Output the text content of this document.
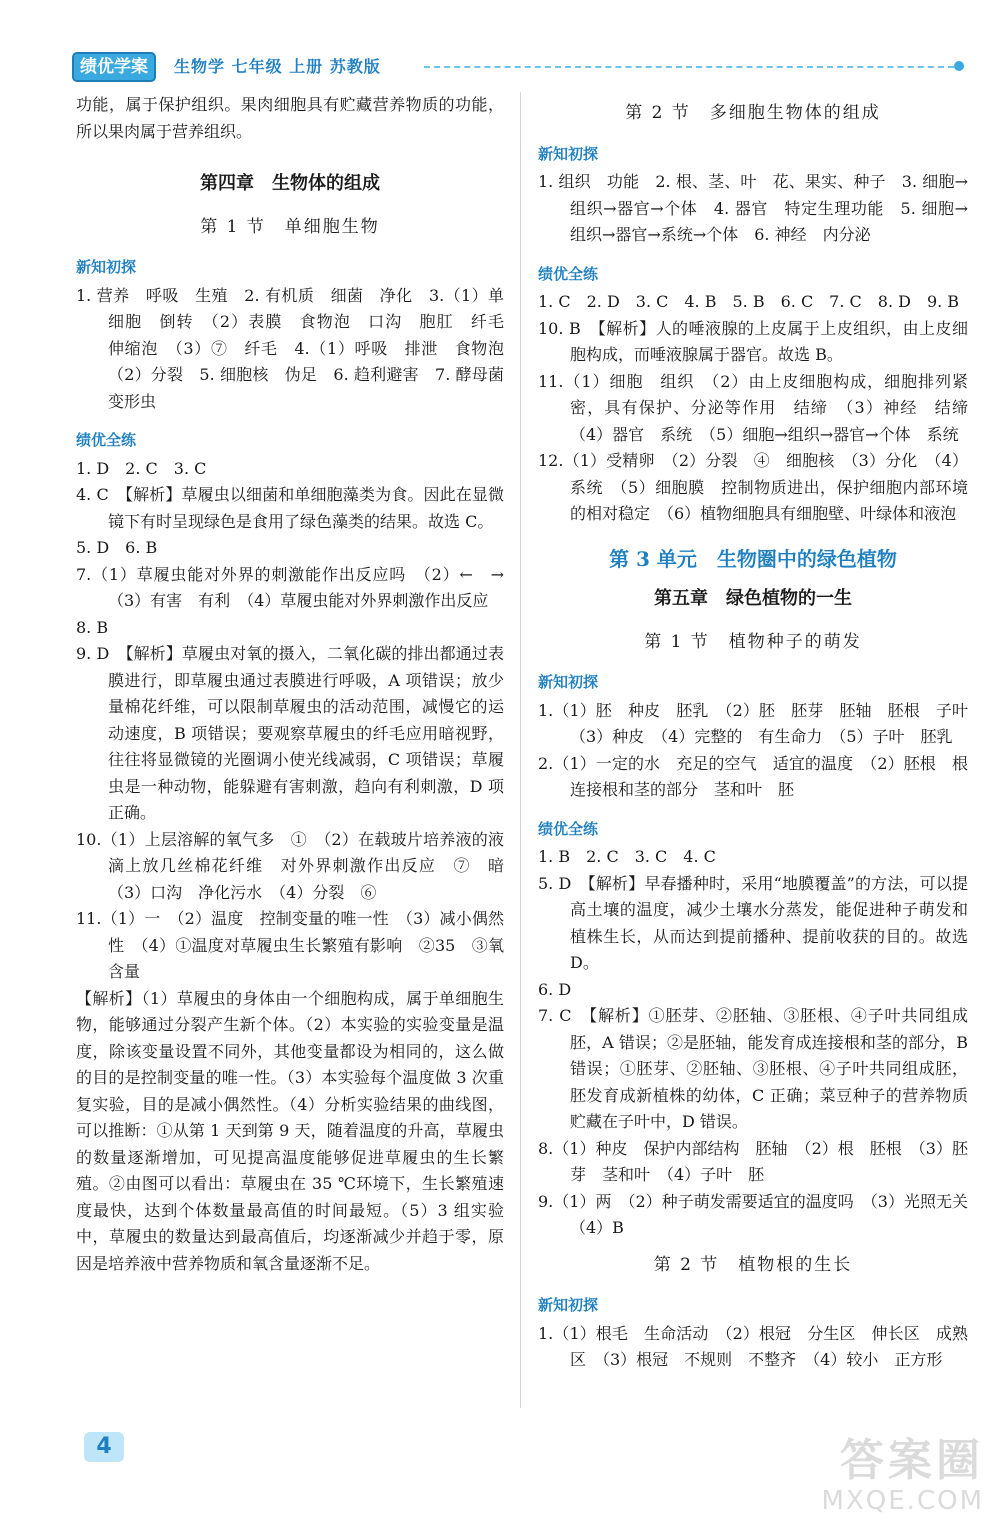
绩优学案	生物学 七年级 上册 苏教版

功能，属于保护组织。果肉细胞具有贮藏营养物质的功能，所以果肉属于营养组织。

第四章　生物体的组成
第 1 节　单细胞生物
新知初探

1. 营养　呼吸　生殖　2. 有机质　细菌　净化　3.（1）单细胞　倒转　（2）表膜　食物泡　口沟　胞肛　纤毛　伸缩泡　（3）⑦　纤毛　4.（1）呼吸　排泄　食物泡　（2）分裂　5. 细胞核　伪足　6. 趋利避害　7. 酵母菌　变形虫

绩优全练

1. D　2. C　3. C

4. C　【解析】草履虫以细菌和单细胞藻类为食。因此在显微镜下有时呈现绿色是食用了绿色藻类的结果。故选 C。

5. D　6. B

7.（1）草履虫能对外界的刺激能作出反应吗　（2）←　→　（3）有害　有利　（4）草履虫能对外界刺激作出反应

8. B

9. D　【解析】草履虫对氧的摄入，二氧化碳的排出都通过表膜进行，即草履虫通过表膜进行呼吸，A 项错误；放少量棉花纤维，可以限制草履虫的活动范围，减慢它的运动速度，B 项错误；要观察草履虫的纤毛应用暗视野，往往将显微镜的光圈调小使光线减弱，C 项错误；草履虫是一种动物，能躲避有害刺激，趋向有利刺激，D 项正确。

10.（1）上层溶解的氧气多　①　（2）在载玻片培养液的液滴上放几丝棉花纤维　对外界刺激作出反应　⑦　暗　（3）口沟　净化污水　（4）分裂　⑥

11.（1）一　（2）温度　控制变量的唯一性　（3）减小偶然性　（4）①温度对草履虫生长繁殖有影响　②35　③氧含量

【解析】（1）草履虫的身体由一个细胞构成，属于单细胞生物，能够通过分裂产生新个体。（2）本实验的实验变量是温度，除该变量设置不同外，其他变量都设为相同的，这么做的目的是控制变量的唯一性。（3）本实验每个温度做 3 次重复实验，目的是减小偶然性。（4）分析实验结果的曲线图，可以推断：①从第 1 天到第 9 天，随着温度的升高，草履虫的数量逐渐增加，可见提高温度能够促进草履虫的生长繁殖。②由图可以看出：草履虫在 35 ℃环境下，生长繁殖速度最快，达到个体数量最高值的时间最短。（5）3 组实验中，草履虫的数量达到最高值后，均逐渐减少并趋于零，原因是培养液中营养物质和氧含量逐渐不足。

第 2 节　多细胞生物体的组成
新知初探

1. 组织　功能　2. 根、茎、叶　花、果实、种子　3. 细胞→组织→器官→个体　4. 器官　特定生理功能　5. 细胞→组织→器官→系统→个体　6. 神经　内分泌

绩优全练

1. C　2. D　3. C　4. B　5. B　6. C　7. C　8. D　9. B

10. B　【解析】人的唾液腺的上皮属于上皮组织，由上皮细胞构成，而唾液腺属于器官。故选 B。

11.（1）细胞　组织　（2）由上皮细胞构成，细胞排列紧密，具有保护、分泌等作用　结缔　（3）神经　结缔　（4）器官　系统　（5）细胞→组织→器官→个体　系统

12.（1）受精卵　（2）分裂　④　细胞核　（3）分化　（4）系统　（5）细胞膜　控制物质进出，保护细胞内部环境的相对稳定　（6）植物细胞具有细胞壁、叶绿体和液泡

第 3 单元　生物圈中的绿色植物
第五章　绿色植物的一生
第 1 节　植物种子的萌发
新知初探

1.（1）胚　种皮　胚乳　（2）胚　胚芽　胚轴　胚根　子叶　（3）种皮　（4）完整的　有生命力　（5）子叶　胚乳

2.（1）一定的水　充足的空气　适宜的温度　（2）胚根　根　连接根和茎的部分　茎和叶　胚

绩优全练

1. B　2. C　3. C　4. C

5. D　【解析】早春播种时，采用“地膜覆盖”的方法，可以提高土壤的温度，减少土壤水分蒸发，能促进种子萌发和植株生长，从而达到提前播种、提前收获的目的。故选 D。

6. D

7. C　【解析】①胚芽、②胚轴、③胚根、④子叶共同组成胚，A 错误；②是胚轴，能发育成连接根和茎的部分，B 错误；①胚芽、②胚轴、③胚根、④子叶共同组成胚，胚发育成新植株的幼体，C 正确；菜豆种子的营养物质贮藏在子叶中，D 错误。

8.（1）种皮　保护内部结构　胚轴　（2）根　胚根　（3）胚芽　茎和叶　（4）子叶　胚

9.（1）两　（2）种子萌发需要适宜的温度吗　（3）光照无关　（4）B

第 2 节　植物根的生长
新知初探

1.（1）根毛　生命活动　（2）根冠　分生区　伸长区　成熟区　（3）根冠　不规则　不整齐　（4）较小　正方形

4	答案圈
MXQE.COM
